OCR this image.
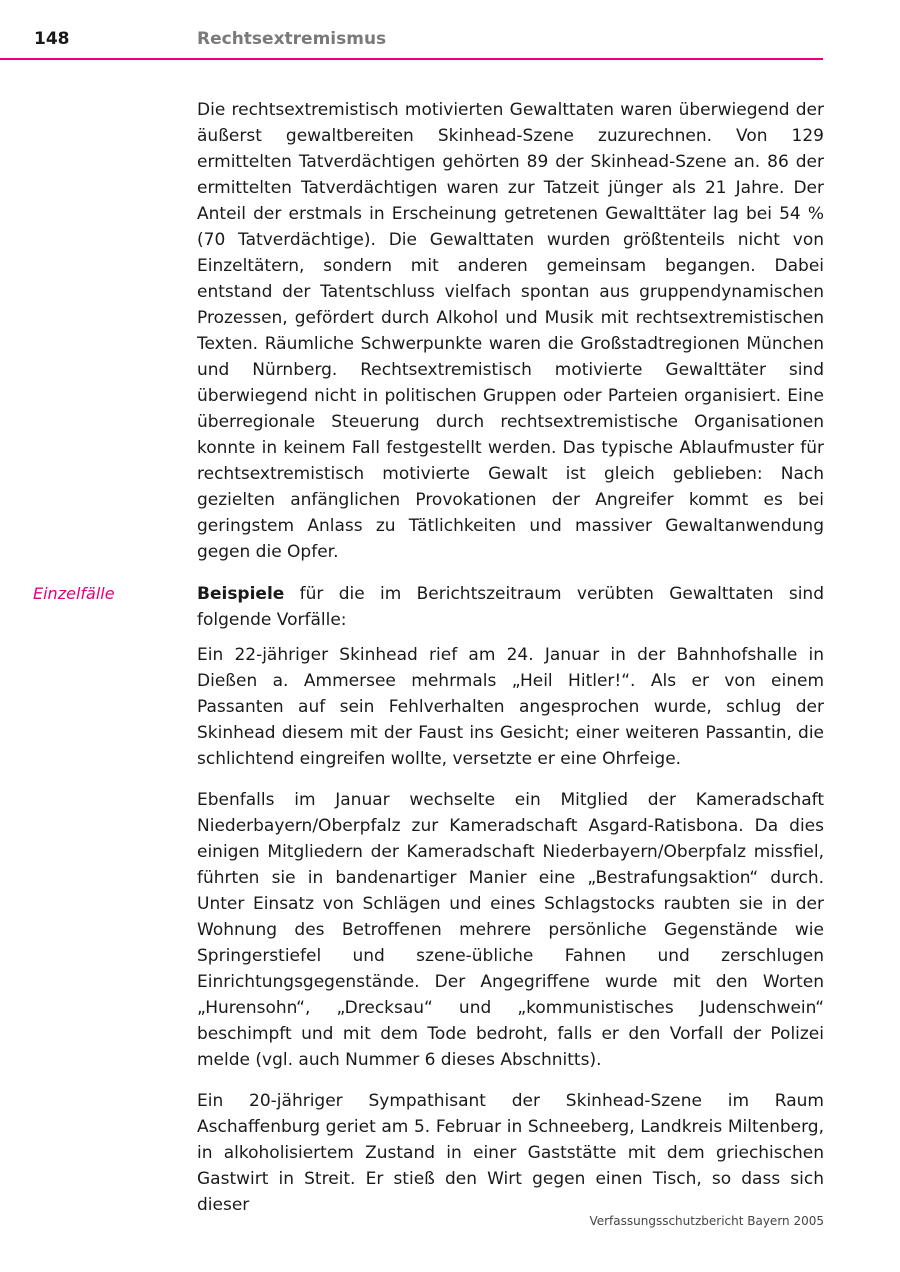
148	Rechtsextremismus

Die rechtsextremistisch motivierten Gewalttaten waren überwiegend der äußerst gewaltbereiten Skinhead-Szene zuzurechnen. Von 129 ermittelten Tatverdächtigen gehörten 89 der Skinhead-Szene an. 86 der ermittelten Tatverdächtigen waren zur Tatzeit jünger als 21 Jahre. Der Anteil der erstmals in Erscheinung getretenen Gewalttäter lag bei 54 % (70 Tatverdächtige). Die Gewalttaten wurden größtenteils nicht von Einzeltätern, sondern mit anderen gemeinsam begangen. Dabei entstand der Tatentschluss vielfach spontan aus gruppendynamischen Prozessen, gefördert durch Alkohol und Musik mit rechtsextremistischen Texten. Räumliche Schwerpunkte waren die Großstadtregionen München und Nürnberg. Rechtsextremistisch motivierte Gewalttäter sind überwiegend nicht in politischen Gruppen oder Parteien organisiert. Eine überregionale Steuerung durch rechtsextremistische Organisationen konnte in keinem Fall festgestellt werden. Das typische Ablaufmuster für rechtsextremistisch motivierte Gewalt ist gleich geblieben: Nach gezielten anfänglichen Provokationen der Angreifer kommt es bei geringstem Anlass zu Tätlichkeiten und massiver Gewaltanwendung gegen die Opfer.

Einzelfälle	Beispiele für die im Berichtszeitraum verübten Gewalttaten sind folgende Vorfälle:

Ein 22-jähriger Skinhead rief am 24. Januar in der Bahnhofshalle in Dießen a. Ammersee mehrmals „Heil Hitler!“. Als er von einem Passanten auf sein Fehlverhalten angesprochen wurde, schlug der Skinhead diesem mit der Faust ins Gesicht; einer weiteren Passantin, die schlichtend eingreifen wollte, versetzte er eine Ohrfeige.

Ebenfalls im Januar wechselte ein Mitglied der Kameradschaft Niederbayern/Oberpfalz zur Kameradschaft Asgard-Ratisbona. Da dies einigen Mitgliedern der Kameradschaft Niederbayern/Oberpfalz missfiel, führten sie in bandenartiger Manier eine „Bestrafungsaktion“ durch. Unter Einsatz von Schlägen und eines Schlagstocks raubten sie in der Wohnung des Betroffenen mehrere persönliche Gegenstände wie Springerstiefel und szene-übliche Fahnen und zerschlugen Einrichtungsgegenstände. Der Angegriffene wurde mit den Worten „Hurensohn“, „Drecksau“ und „kommunistisches Judenschwein“ beschimpft und mit dem Tode bedroht, falls er den Vorfall der Polizei melde (vgl. auch Nummer 6 dieses Abschnitts).

Ein 20-jähriger Sympathisant der Skinhead-Szene im Raum Aschaffenburg geriet am 5. Februar in Schneeberg, Landkreis Miltenberg, in alkoholisiertem Zustand in einer Gaststätte mit dem griechischen Gastwirt in Streit. Er stieß den Wirt gegen einen Tisch, so dass sich dieser

Verfassungsschutzbericht Bayern 2005
